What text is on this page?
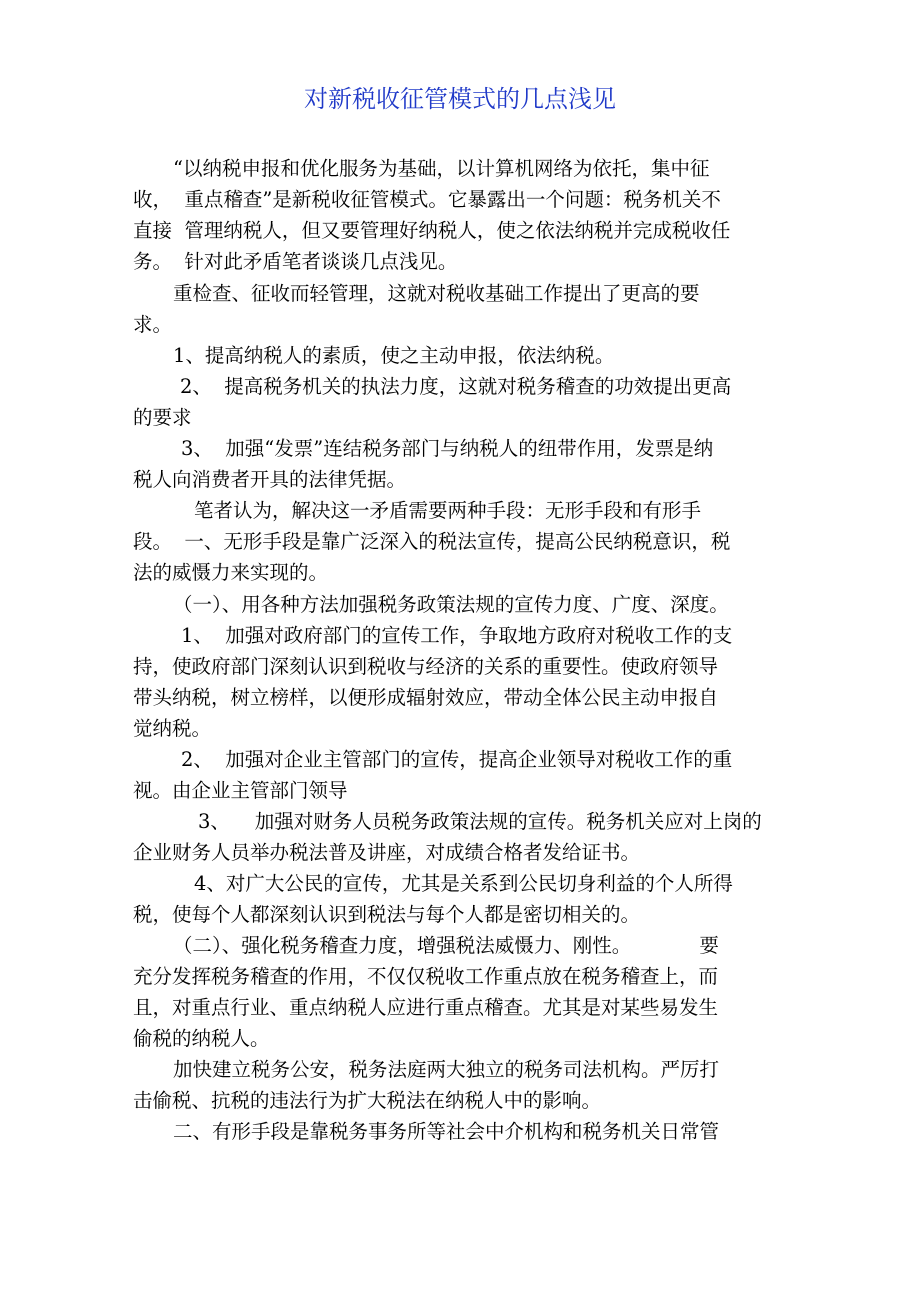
对新税收征管模式的几点浅见
“以纳税申报和优化服务为基础，以计算机网络为依托，集中征
收，  重点稽查”是新税收征管模式。它暴露出一个问题：税务机关不
直接  管理纳税人，但又要管理好纳税人，使之依法纳税并完成税收任
务。  针对此矛盾笔者谈谈几点浅见。
重检查、征收而轻管理，这就对税收基础工作提出了更高的要
求。
1、提高纳税人的素质，使之主动申报，依法纳税。
2、  提高税务机关的执法力度，这就对税务稽查的功效提出更高
的要求
3、  加强“发票”连结税务部门与纳税人的纽带作用，发票是纳
税人向消费者开具的法律凭据。
笔者认为，解决这一矛盾需要两种手段：无形手段和有形手
段。  一、无形手段是靠广泛深入的税法宣传，提高公民纳税意识，税
法的威慑力来实现的。
（一）、用各种方法加强税务政策法规的宣传力度、广度、深度。
1、  加强对政府部门的宣传工作，争取地方政府对税收工作的支
持，使政府部门深刻认识到税收与经济的关系的重要性。使政府领导
带头纳税，树立榜样，以便形成辐射效应，带动全体公民主动申报自
觉纳税。
2、  加强对企业主管部门的宣传，提高企业领导对税收工作的重
视。由企业主管部门领导
3、    加强对财务人员税务政策法规的宣传。税务机关应对上岗的
企业财务人员举办税法普及讲座，对成绩合格者发给证书。
4、对广大公民的宣传，尤其是关系到公民切身利益的个人所得
税，使每个人都深刻认识到税法与每个人都是密切相关的。
（二）、强化税务稽查力度，增强税法威慑力、刚性。           要
充分发挥税务稽查的作用，不仅仅税收工作重点放在税务稽查上，而
且，对重点行业、重点纳税人应进行重点稽查。尤其是对某些易发生
偷税的纳税人。
加快建立税务公安，税务法庭两大独立的税务司法机构。严厉打
击偷税、抗税的违法行为扩大税法在纳税人中的影响。
二、有形手段是靠税务事务所等社会中介机构和税务机关日常管
